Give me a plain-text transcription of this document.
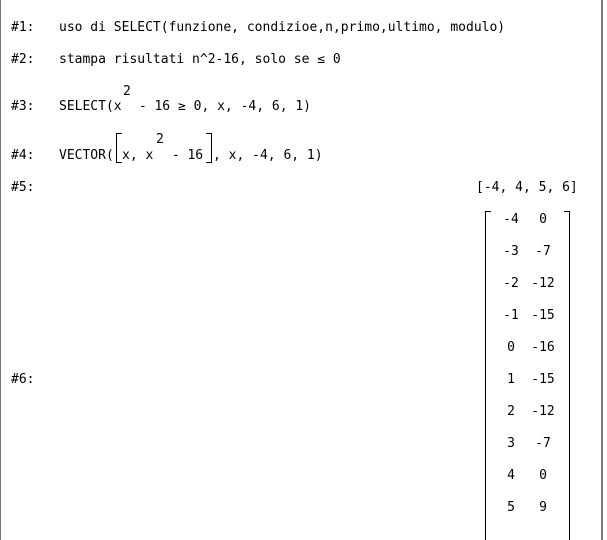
#1: uso di SELECT(funzione, condizioe,n,primo,ultimo, modulo)
#2: stampa risultati n^2-16, solo se ≤ 0
#3: SELECT(x
2
- 16 ≥ 0, x, -4, 6, 1)
#4: VECTOR( x, x
2
- 16 , x, -4, 6, 1)
#5:	[-4, 4, 5, 6]
#6:
-4	0
-3	-7
-2 -12
-1 -15
0	-16
1	-15
2	-12
3	-7
4	0
5	9
